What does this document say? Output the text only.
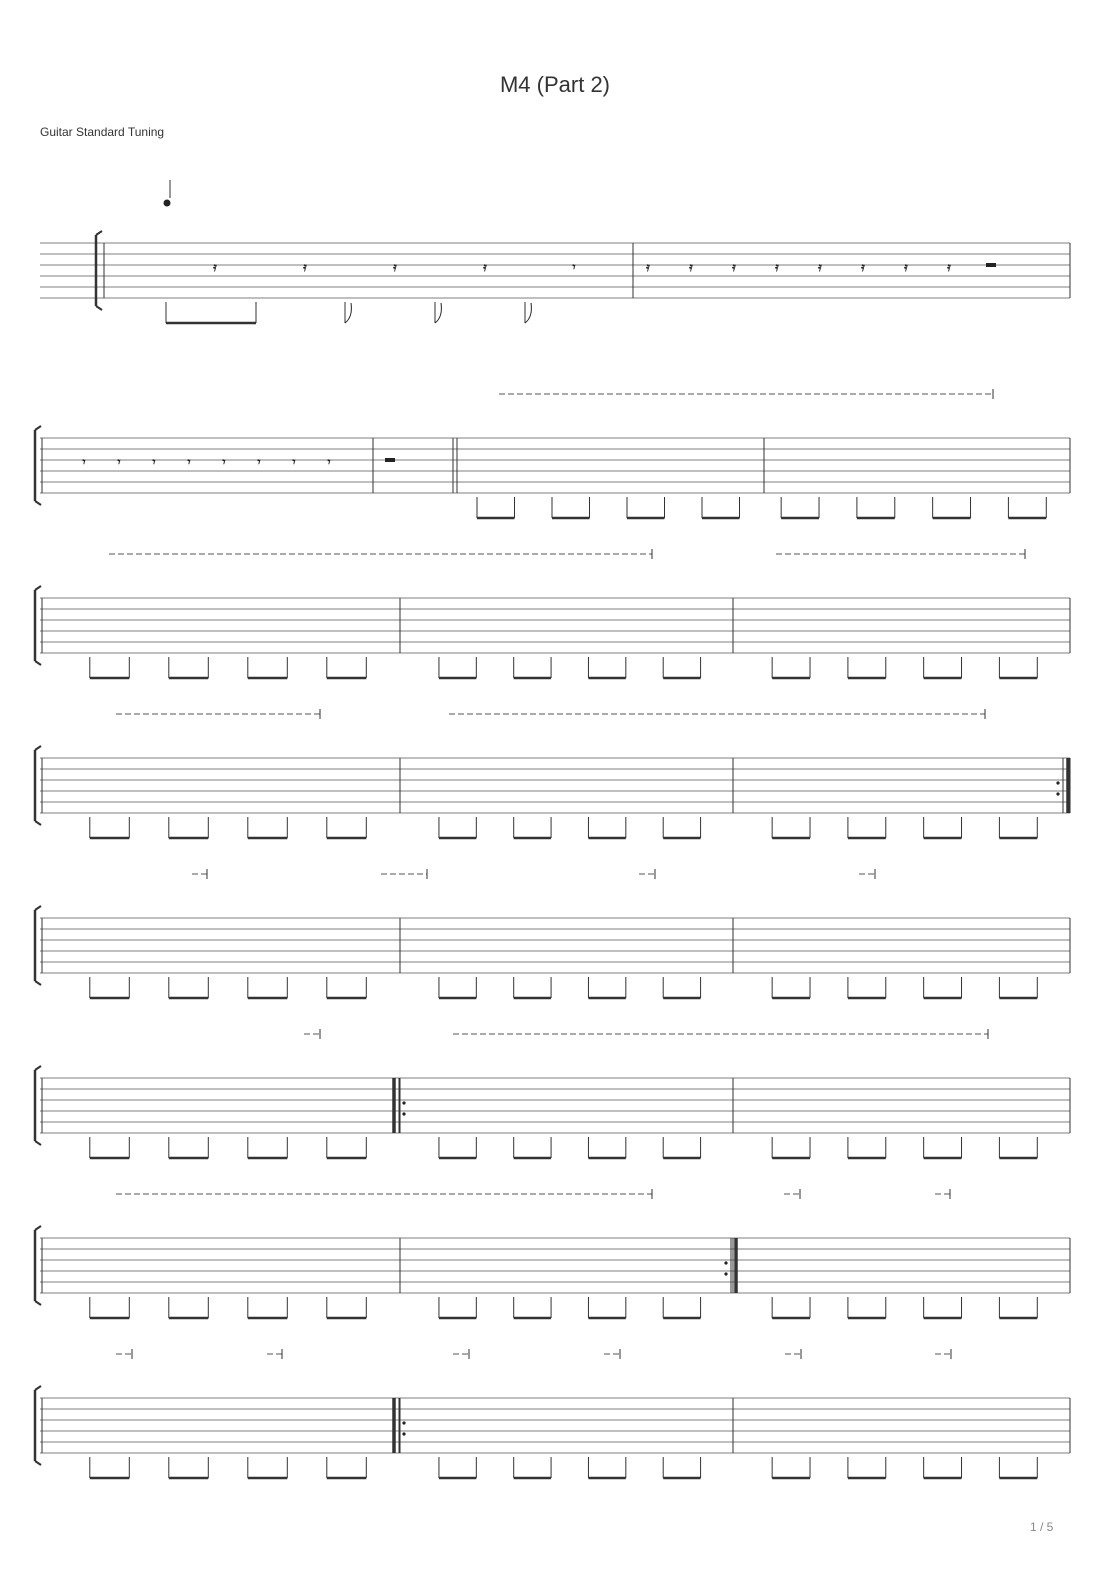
M4 (Part 2)
Guitar Standard Tuning
1 / 5
𝄿	𝄿	𝄿	𝄿	𝄾	𝄿	𝄿	𝄿	𝄿	𝄿	𝄿	𝄿	𝄿
𝄾	𝄾	𝄾	𝄾	𝄾	𝄾	𝄾	𝄾
